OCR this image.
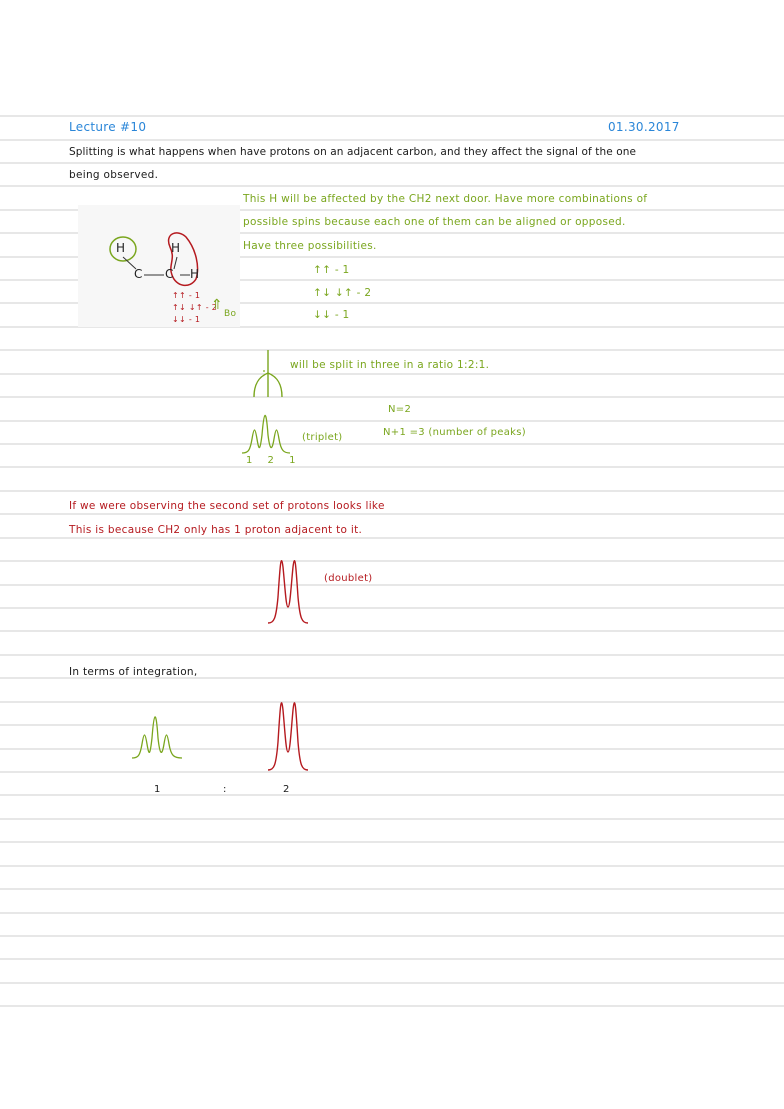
Lecture #10	01.30.2017
Splitting is what happens when have protons on an adjacent carbon, and they affect the signal of the one
being observed.
H	H
C C H
↑↑ - 1
↑↓ ↓↑ - 2
↓↓ - 1
⇑
Bo
This H will be affected by the CH2 next door. Have more combinations of
possible spins because each one of them can be aligned or opposed.
Have three possibilities.
↑↑ - 1
↑↓ ↓↑ - 2
↓↓ - 1
will be split in three in a ratio 1:2:1.
1 2 1
(triplet)
N=2
N+1 =3 (number of peaks)
If we were observing the second set of protons looks like
This is because CH2 only has 1 proton adjacent to it.
(doublet)
In terms of integration,
1	:	2
